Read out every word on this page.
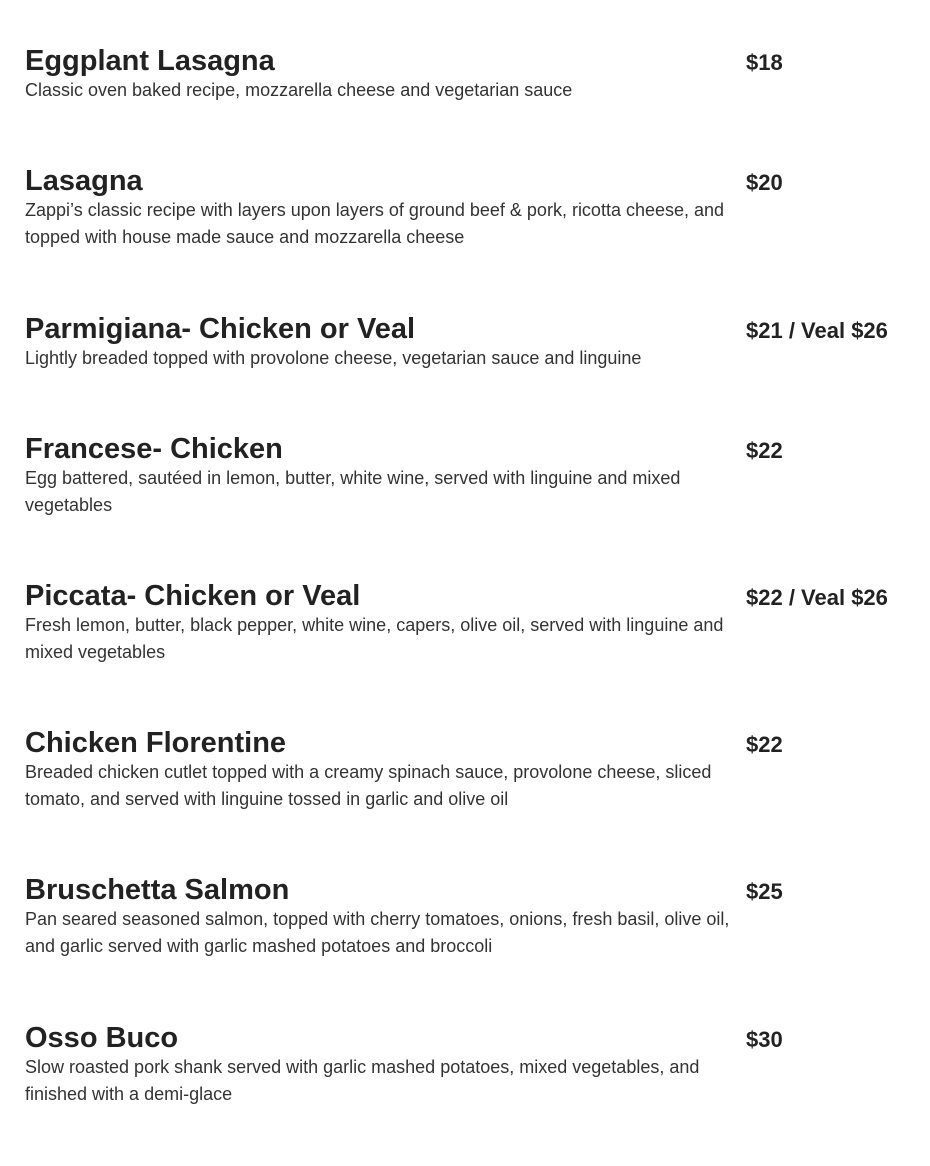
Eggplant Lasagna
Classic oven baked recipe, mozzarella cheese and vegetarian sauce
$18
Lasagna
Zappi’s classic recipe with layers upon layers of ground beef & pork, ricotta cheese, and topped with house made sauce and mozzarella cheese
$20
Parmigiana- Chicken or Veal
Lightly breaded topped with provolone cheese, vegetarian sauce and linguine
$21 / Veal $26
Francese- Chicken
Egg battered, sautéed in lemon, butter, white wine, served with linguine and mixed vegetables
$22
Piccata- Chicken or Veal
Fresh lemon, butter, black pepper, white wine, capers, olive oil, served with linguine and mixed vegetables
$22 / Veal $26
Chicken Florentine
Breaded chicken cutlet topped with a creamy spinach sauce, provolone cheese, sliced tomato, and served with linguine tossed in garlic and olive oil
$22
Bruschetta Salmon
Pan seared seasoned salmon, topped with cherry tomatoes, onions, fresh basil, olive oil, and garlic served with garlic mashed potatoes and broccoli
$25
Osso Buco
Slow roasted pork shank served with garlic mashed potatoes, mixed vegetables, and finished with a demi-glace
$30
